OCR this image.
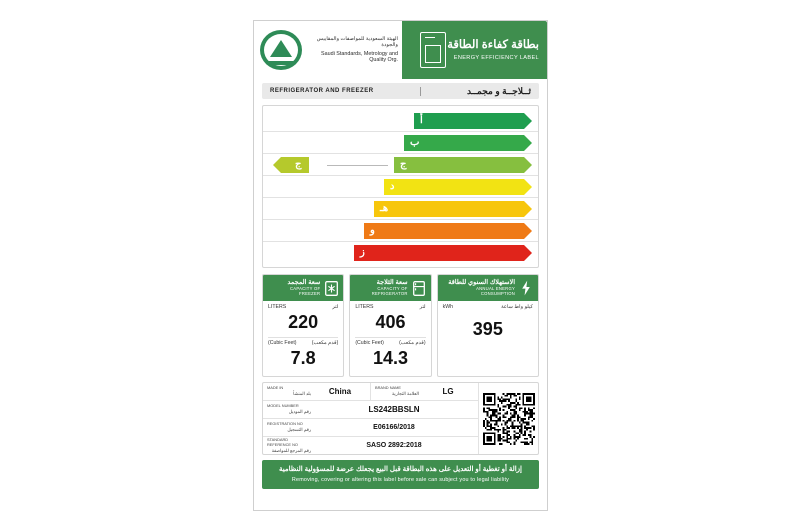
الهيئة السعودية للمواصفات والمقاييس والجودة
Saudi Standards, Metrology and Quality Org.
بطاقة كفاءة الطاقة
ENERGY EFFICIENCY LABEL
REFRIGERATOR AND FREEZER	ثــلاجــة و مجمــد
أ
ب
ج
ج
د
هـ
و
ز
سعة المجمد
CAPACITY OF FREEZER
LITERS	لتر
220
(Cubic Feet)	(قدم مكعب)
7.8
سعة الثلاجة
CAPACITY OF REFRIGERATOR
LITERS	لتر
406
(Cubic Feet)	(قدم مكعب)
14.3
الاستهلاك السنوي للطاقة
ANNUAL ENERGY CONSUMPTION
kWh	كيلو واط ساعة
395
MADE IN
بلد المنشأ	China	BRAND NAME
العلامة التجارية	LG
MODEL NUMBER
رقم الموديل	LS242BBSLN
REGISTRATION NO
رقم التسجيل	E06166/2018
STANDARD REFERENCE NO
رقم المرجع للمواصفة
SASO 2892:2018
إزالة أو تغطية أو التعديل على هذه البطاقة قبل البيع يجعلك عرضة للمسؤولية النظامية
Removing, covering or altering this label before sale can subject you to legal liability
